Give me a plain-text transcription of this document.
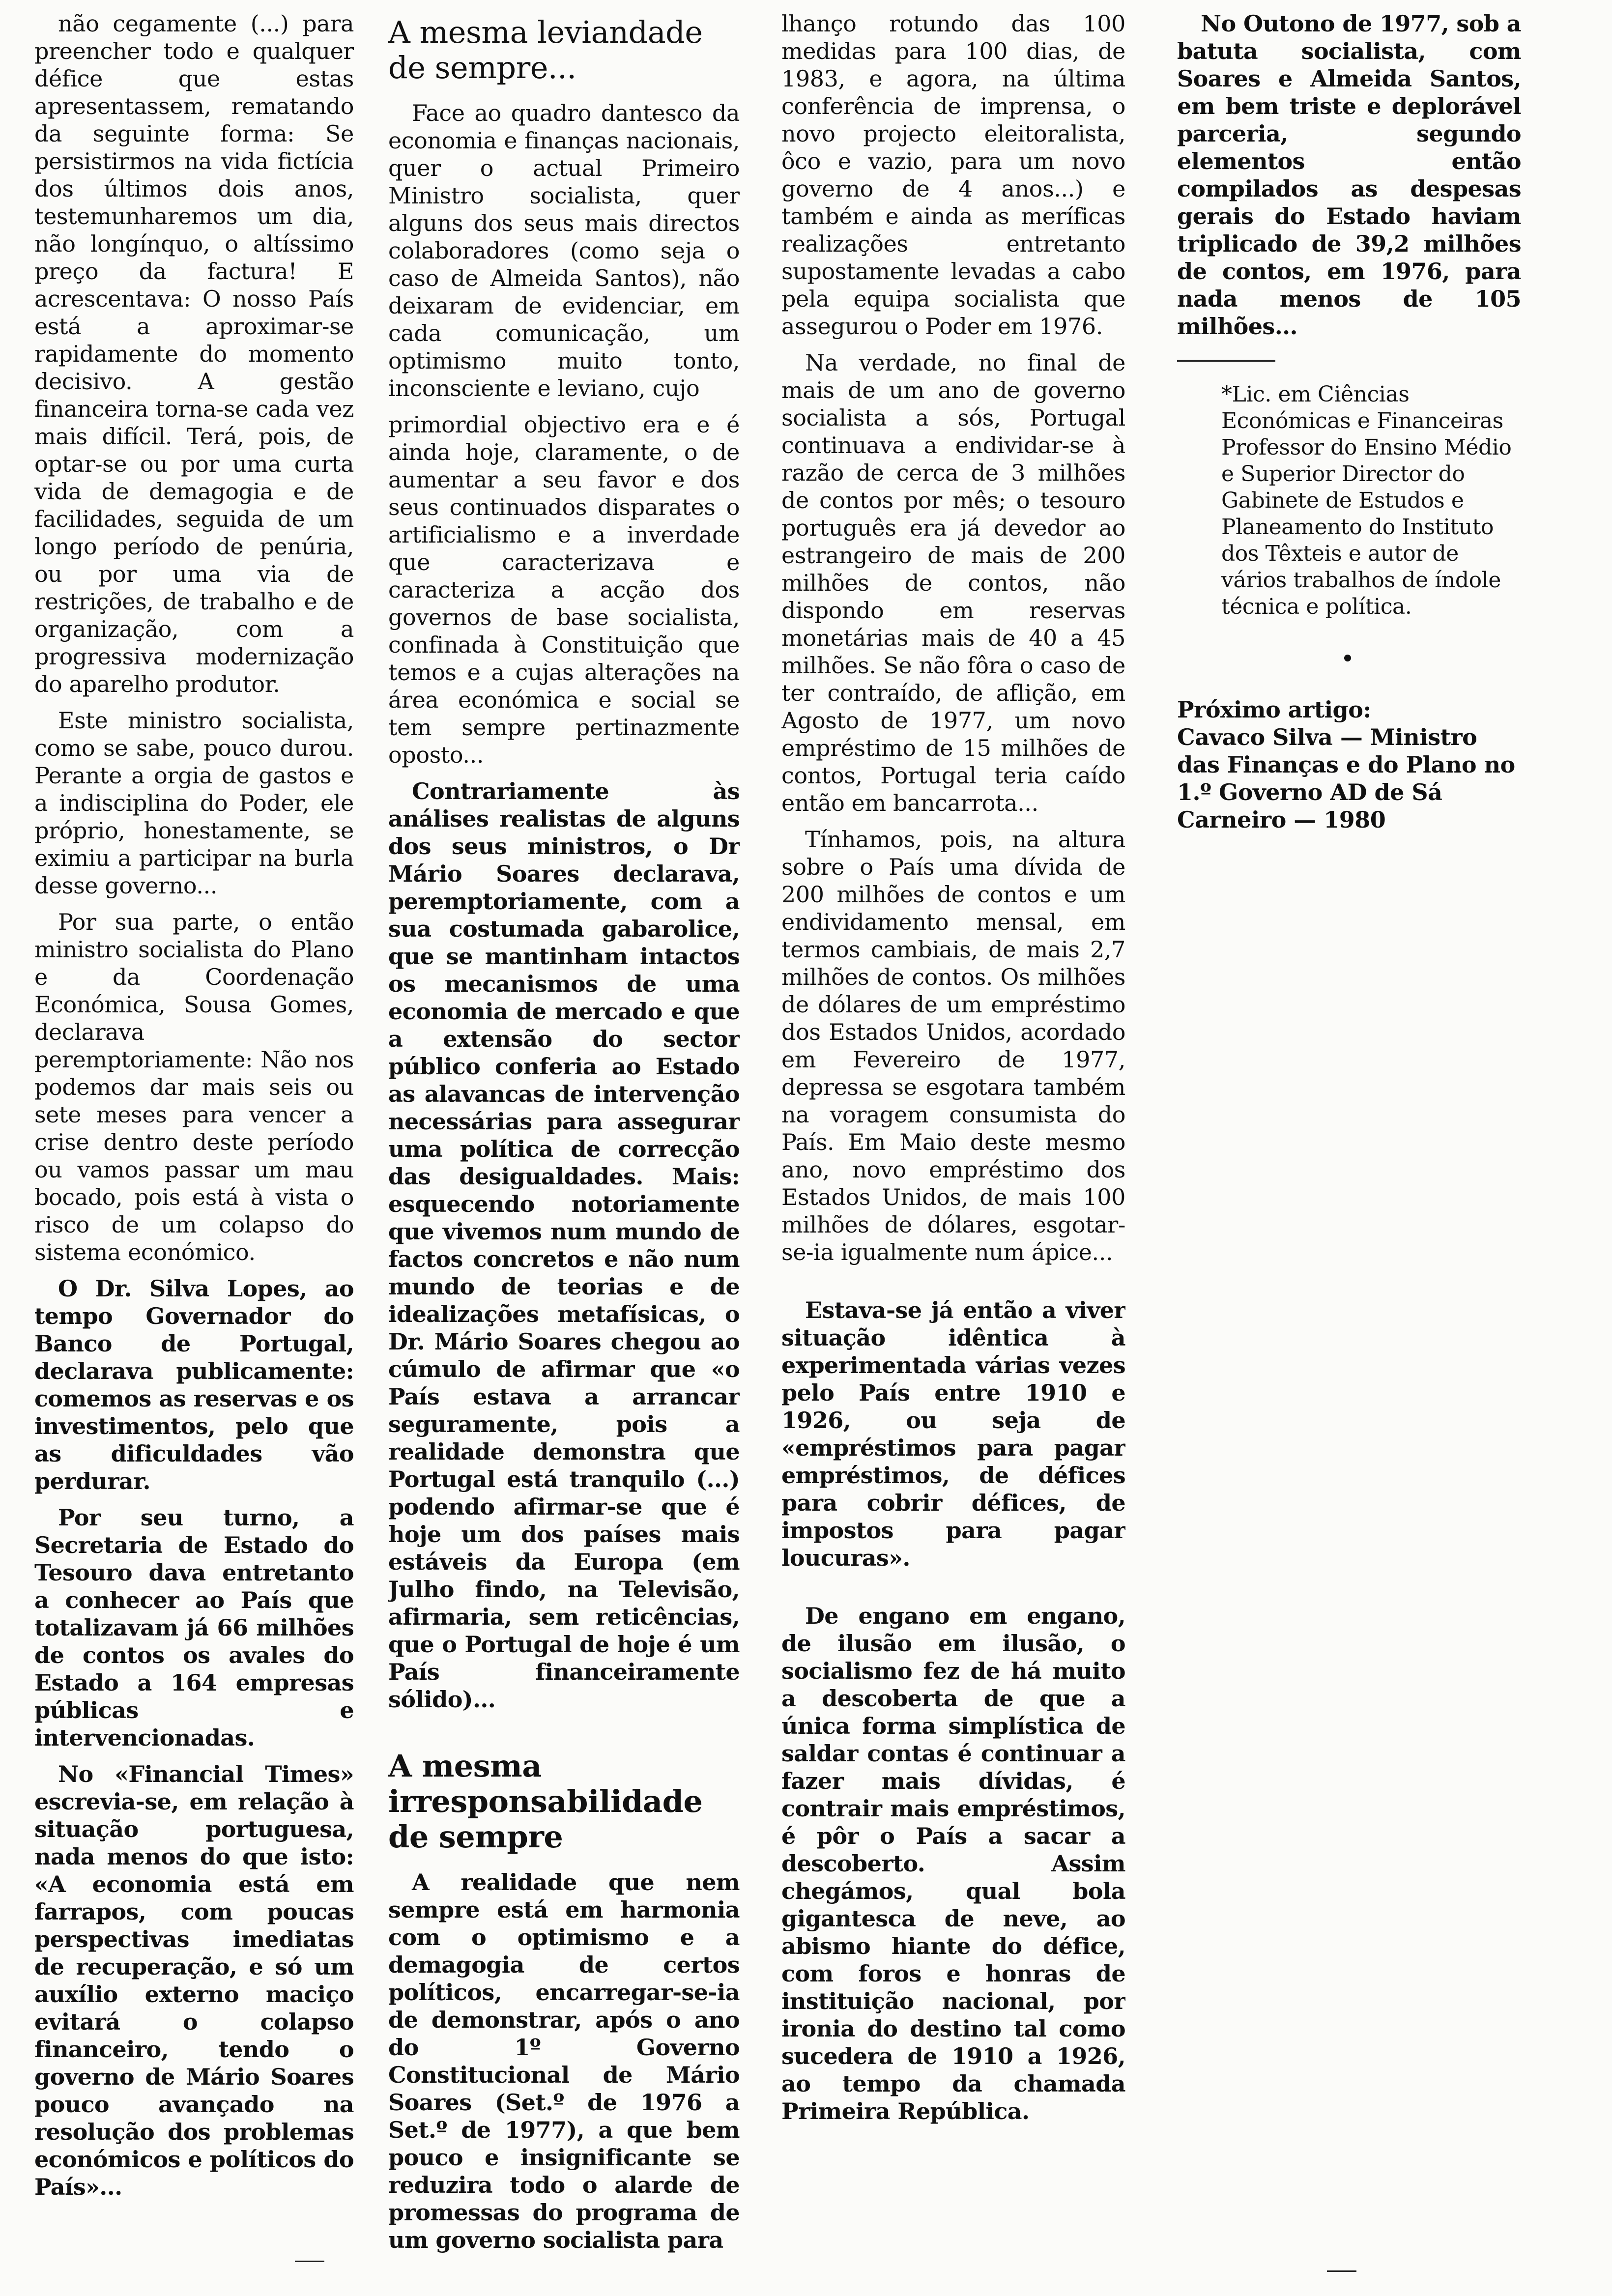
não cegamente (...) para preencher todo e qualquer défice que estas apresentassem, rematando da seguinte forma: Se persistirmos na vida fictícia dos últimos dois anos, testemunharemos um dia, não longínquo, o altíssimo preço da factura! E acrescentava: O nosso País está a aproximar-se rapidamente do momento decisivo. A gestão financeira torna-se cada vez mais difícil. Terá, pois, de optar-se ou por uma curta vida de demagogia e de facilidades, seguida de um longo período de penúria, ou por uma via de restrições, de trabalho e de organização, com a progressiva modernização do aparelho produtor.

Este ministro socialista, como se sabe, pouco durou. Perante a orgia de gastos e a indisciplina do Poder, ele próprio, honestamente, se eximiu a participar na burla desse governo...

Por sua parte, o então ministro socialista do Plano e da Coordenação Económica, Sousa Gomes, declarava peremptoriamente: Não nos podemos dar mais seis ou sete meses para vencer a crise dentro deste período ou vamos passar um mau bocado, pois está à vista o risco de um colapso do sistema económico.

O Dr. Silva Lopes, ao tempo Governador do Banco de Portugal, declarava publicamente: comemos as reservas e os investimentos, pelo que as dificuldades vão perdurar.

Por seu turno, a Secretaria de Estado do Tesouro dava entretanto a conhecer ao País que totalizavam já 66 milhões de contos os avales do Estado a 164 empresas públicas e intervencionadas.

No «Financial Times» escrevia-se, em relação à situação portuguesa, nada menos do que isto: «A economia está em farrapos, com poucas perspectivas imediatas de recuperação, e só um auxílio externo maciço evitará o colapso financeiro, tendo o governo de Mário Soares pouco avançado na resolução dos problemas económicos e políticos do País»...

A mesma leviandade de sempre...

Face ao quadro dantesco da economia e finanças nacionais, quer o actual Primeiro Ministro socialista, quer alguns dos seus mais directos colaboradores (como seja o caso de Almeida Santos), não deixaram de evidenciar, em cada comunicação, um optimismo muito tonto, inconsciente e leviano, cujo

primordial objectivo era e é ainda hoje, claramente, o de aumentar a seu favor e dos seus continuados disparates o artificialismo e a inverdade que caracterizava e caracteriza a acção dos governos de base socialista, confinada à Constituição que temos e a cujas alterações na área económica e social se tem sempre pertinazmente oposto...

Contrariamente às análises realistas de alguns dos seus ministros, o Dr Mário Soares declarava, peremptoriamente, com a sua costumada gabarolice, que se mantinham intactos os mecanismos de uma economia de mercado e que a extensão do sector público conferia ao Estado as alavancas de intervenção necessárias para assegurar uma política de correcção das desigualdades. Mais: esquecendo notoriamente que vivemos num mundo de factos concretos e não num mundo de teorias e de idealizações metafísicas, o Dr. Mário Soares chegou ao cúmulo de afirmar que «o País estava a arrancar seguramente, pois a realidade demonstra que Portugal está tranquilo (...) podendo afirmar-se que é hoje um dos países mais estáveis da Europa (em Julho findo, na Televisão, afirmaria, sem reticências, que o Portugal de hoje é um País financeiramente sólido)...

A mesma irresponsabilidade de sempre

A realidade que nem sempre está em harmonia com o optimismo e a demagogia de certos políticos, encarregar-se-ia de demonstrar, após o ano do 1º Governo Constitucional de Mário Soares (Set.º de 1976 a Set.º de 1977), a que bem pouco e insignificante se reduzira todo o alarde de promessas do programa de um governo socialista para

lhanço rotundo das 100 medidas para 100 dias, de 1983, e agora, na última conferência de imprensa, o novo projecto eleitoralista, ôco e vazio, para um novo governo de 4 anos...) e também e ainda as meríficas realizações entretanto supostamente levadas a cabo pela equipa socialista que assegurou o Poder em 1976.

Na verdade, no final de mais de um ano de governo socialista a sós, Portugal continuava a endividar-se à razão de cerca de 3 milhões de contos por mês; o tesouro português era já devedor ao estrangeiro de mais de 200 milhões de contos, não dispondo em reservas monetárias mais de 40 a 45 milhões. Se não fôra o caso de ter contraído, de aflição, em Agosto de 1977, um novo empréstimo de 15 milhões de contos, Portugal teria caído então em bancarrota...

Tínhamos, pois, na altura sobre o País uma dívida de 200 milhões de contos e um endividamento mensal, em termos cambiais, de mais 2,7 milhões de contos. Os milhões de dólares de um empréstimo dos Estados Unidos, acordado em Fevereiro de 1977, depressa se esgotara também na voragem consumista do País. Em Maio deste mesmo ano, novo empréstimo dos Estados Unidos, de mais 100 milhões de dólares, esgotar-se-ia igualmente num ápice...

Estava-se já então a viver situação idêntica à experimentada várias vezes pelo País entre 1910 e 1926, ou seja de «empréstimos para pagar empréstimos, de défices para cobrir défices, de impostos para pagar loucuras».

De engano em engano, de ilusão em ilusão, o socialismo fez de há muito a descoberta de que a única forma simplística de saldar contas é continuar a fazer mais dívidas, é contrair mais empréstimos, é pôr o País a sacar a descoberto. Assim chegámos, qual bola gigantesca de neve, ao abismo hiante do défice, com foros e honras de instituição nacional, por ironia do destino tal como sucedera de 1910 a 1926, ao tempo da chamada Primeira República.

No Outono de 1977, sob a batuta socialista, com Soares e Almeida Santos, em bem triste e deplorável parceria, segundo elementos então compilados as despesas gerais do Estado haviam triplicado de 39,2 milhões de contos, em 1976, para nada menos de 105 milhões...

*Lic. em Ciências Económicas e Financeiras Professor do Ensino Médio e Superior Director do Gabinete de Estudos e Planeamento do Instituto dos Têxteis e autor de vários trabalhos de índole técnica e política.

Próximo artigo:

Cavaco Silva — Ministro das Finanças e do Plano no 1.º Governo AD de Sá Carneiro — 1980
